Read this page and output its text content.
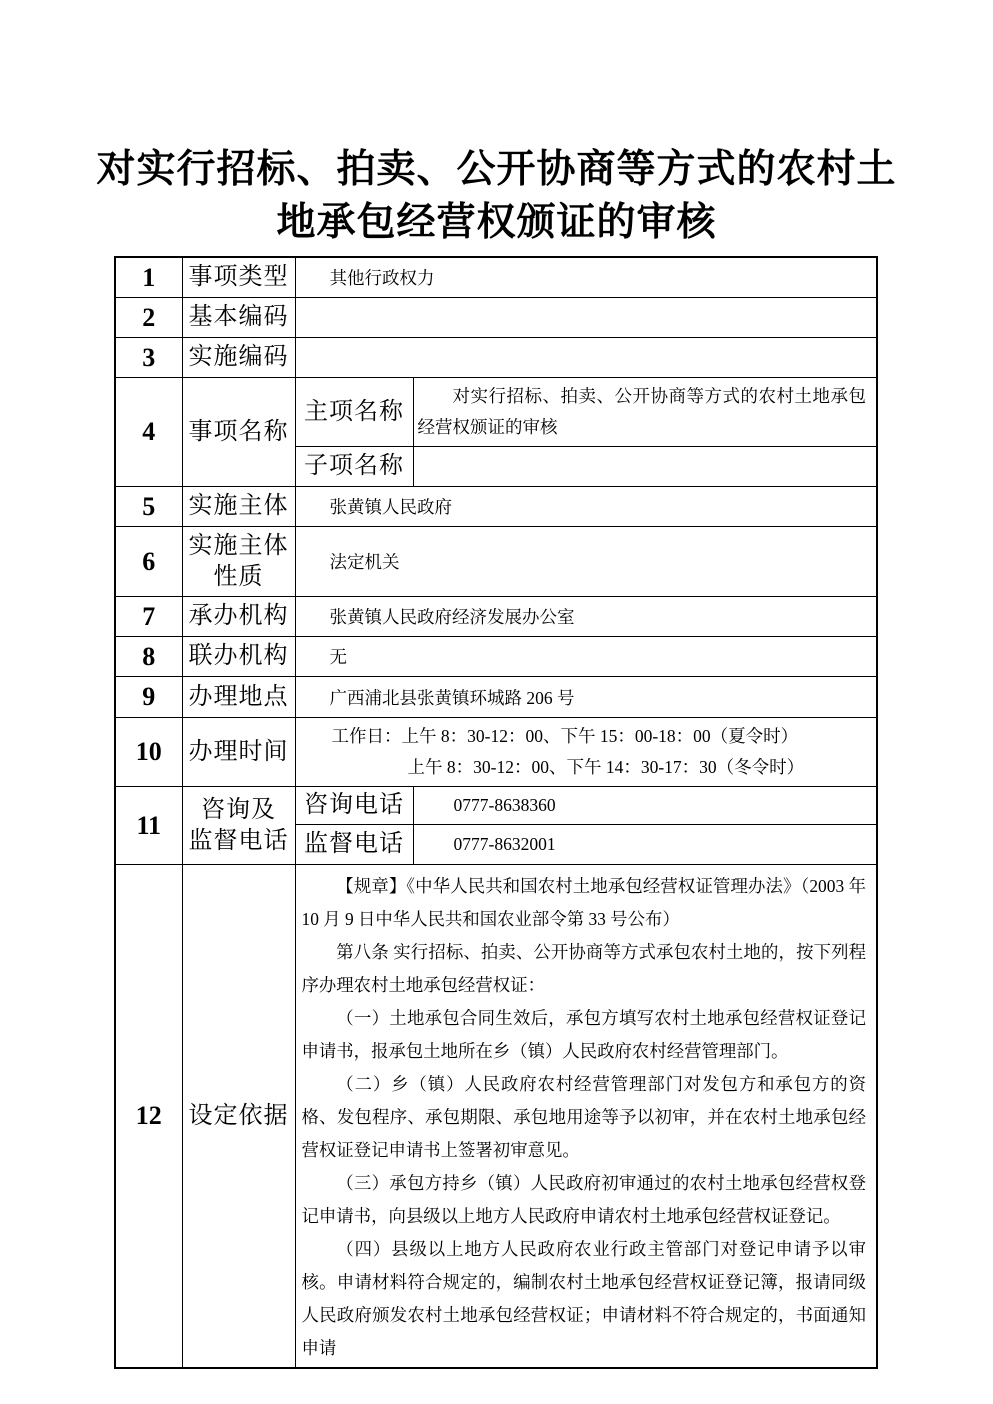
对实行招标、拍卖、公开协商等方式的农村土
地承包经营权颁证的审核
1	事项类型	其他行政权力	
2	基本编码		
3	实施编码		
4	事项名称	主项名称	对实行招标、拍卖、公开协商等方式的农村土地承包经营权颁证的审核

		子项名称	
5	实施主体	张黄镇人民政府	
6	实施主体
性质	法定机关	
7	承办机构	张黄镇人民政府经济发展办公室	
8	联办机构	无	
9	办理地点	广西浦北县张黄镇环城路 206 号	
10	办理时间	工作日：上午 8：30-12：00、下午 15：00-18：00（夏令时）
上午 8：30-12：00、下午 14：30-17：30（冬令时）	

11	咨询及
监督电话	咨询电话	0777-8638360
		监督电话	0777-8632001
12	设定依据	

【规章】《中华人民共和国农村土地承包经营权证管理办法》（2003 年 10 月 9 日中华人民共和国农业部令第 33 号公布）

第八条 实行招标、拍卖、公开协商等方式承包农村土地的，按下列程序办理农村土地承包经营权证：

（一）土地承包合同生效后，承包方填写农村土地承包经营权证登记申请书，报承包土地所在乡（镇）人民政府农村经营管理部门。

（二）乡（镇）人民政府农村经营管理部门对发包方和承包方的资格、发包程序、承包期限、承包地用途等予以初审，并在农村土地承包经营权证登记申请书上签署初审意见。

（三）承包方持乡（镇）人民政府初审通过的农村土地承包经营权登记申请书，向县级以上地方人民政府申请农村土地承包经营权证登记。

（四）县级以上地方人民政府农业行政主管部门对登记申请予以审核。申请材料符合规定的，编制农村土地承包经营权证登记簿，报请同级人民政府颁发农村土地承包经营权证；申请材料不符合规定的，书面通知申请
